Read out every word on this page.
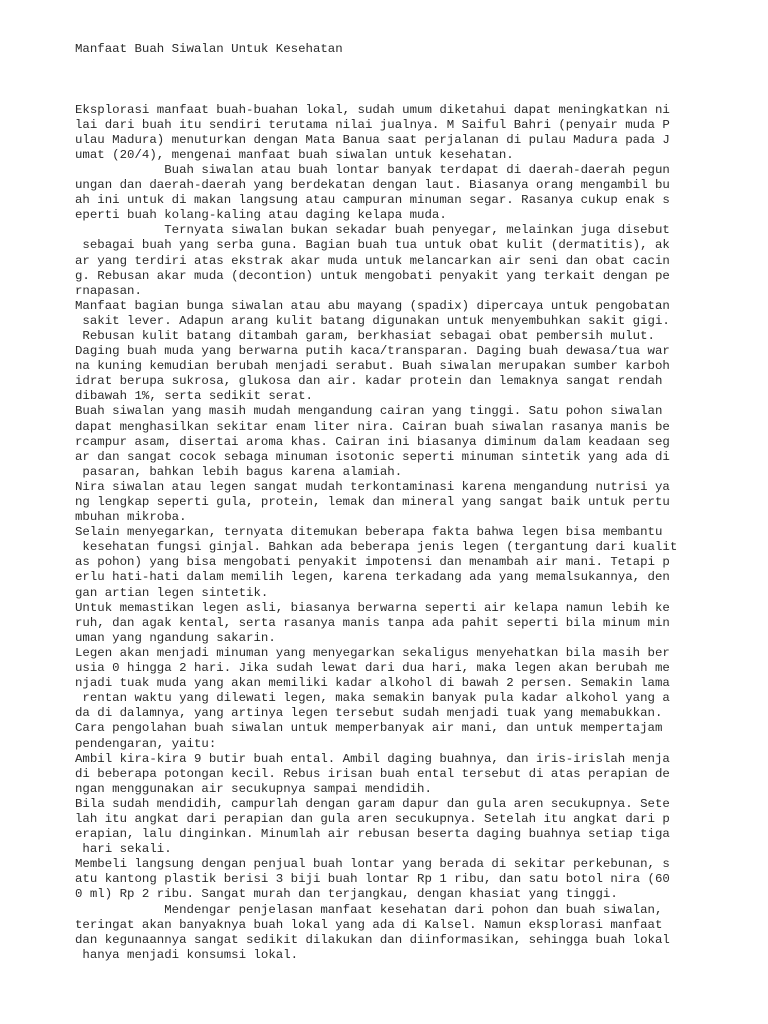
Manfaat Buah Siwalan Untuk Kesehatan

Eksplorasi manfaat buah-buahan lokal, sudah umum diketahui dapat meningkatkan ni
lai dari buah itu sendiri terutama nilai jualnya. M Saiful Bahri (penyair muda P
ulau Madura) menuturkan dengan Mata Banua saat perjalanan di pulau Madura pada J
umat (20/4), mengenai manfaat buah siwalan untuk kesehatan.
Buah siwalan atau buah lontar banyak terdapat di daerah-daerah pegun
ungan dan daerah-daerah yang berdekatan dengan laut. Biasanya orang mengambil bu
ah ini untuk di makan langsung atau campuran minuman segar. Rasanya cukup enak s
eperti buah kolang-kaling atau daging kelapa muda.
Ternyata siwalan bukan sekadar buah penyegar, melainkan juga disebut
sebagai buah yang serba guna. Bagian buah tua untuk obat kulit (dermatitis), ak
ar yang terdiri atas ekstrak akar muda untuk melancarkan air seni dan obat cacin
g. Rebusan akar muda (decontion) untuk mengobati penyakit yang terkait dengan pe
rnapasan.
Manfaat bagian bunga siwalan atau abu mayang (spadix) dipercaya untuk pengobatan
sakit lever. Adapun arang kulit batang digunakan untuk menyembuhkan sakit gigi.
Rebusan kulit batang ditambah garam, berkhasiat sebagai obat pembersih mulut.
Daging buah muda yang berwarna putih kaca/transparan. Daging buah dewasa/tua war
na kuning kemudian berubah menjadi serabut. Buah siwalan merupakan sumber karboh
idrat berupa sukrosa, glukosa dan air. kadar protein dan lemaknya sangat rendah
dibawah 1%, serta sedikit serat.
Buah siwalan yang masih mudah mengandung cairan yang tinggi. Satu pohon siwalan
dapat menghasilkan sekitar enam liter nira. Cairan buah siwalan rasanya manis be
rcampur asam, disertai aroma khas. Cairan ini biasanya diminum dalam keadaan seg
ar dan sangat cocok sebaga minuman isotonic seperti minuman sintetik yang ada di
pasaran, bahkan lebih bagus karena alamiah.
Nira siwalan atau legen sangat mudah terkontaminasi karena mengandung nutrisi ya
ng lengkap seperti gula, protein, lemak dan mineral yang sangat baik untuk pertu
mbuhan mikroba.
Selain menyegarkan, ternyata ditemukan beberapa fakta bahwa legen bisa membantu
kesehatan fungsi ginjal. Bahkan ada beberapa jenis legen (tergantung dari kualit
as pohon) yang bisa mengobati penyakit impotensi dan menambah air mani. Tetapi p
erlu hati-hati dalam memilih legen, karena terkadang ada yang memalsukannya, den
gan artian legen sintetik.
Untuk memastikan legen asli, biasanya berwarna seperti air kelapa namun lebih ke
ruh, dan agak kental, serta rasanya manis tanpa ada pahit seperti bila minum min
uman yang ngandung sakarin.
Legen akan menjadi minuman yang menyegarkan sekaligus menyehatkan bila masih ber
usia 0 hingga 2 hari. Jika sudah lewat dari dua hari, maka legen akan berubah me
njadi tuak muda yang akan memiliki kadar alkohol di bawah 2 persen. Semakin lama
rentan waktu yang dilewati legen, maka semakin banyak pula kadar alkohol yang a
da di dalamnya, yang artinya legen tersebut sudah menjadi tuak yang memabukkan.
Cara pengolahan buah siwalan untuk memperbanyak air mani, dan untuk mempertajam
pendengaran, yaitu:
Ambil kira-kira 9 butir buah ental. Ambil daging buahnya, dan iris-irislah menja
di beberapa potongan kecil. Rebus irisan buah ental tersebut di atas perapian de
ngan menggunakan air secukupnya sampai mendidih.
Bila sudah mendidih, campurlah dengan garam dapur dan gula aren secukupnya. Sete
lah itu angkat dari perapian dan gula aren secukupnya. Setelah itu angkat dari p
erapian, lalu dinginkan. Minumlah air rebusan beserta daging buahnya setiap tiga
hari sekali.
Membeli langsung dengan penjual buah lontar yang berada di sekitar perkebunan, s
atu kantong plastik berisi 3 biji buah lontar Rp 1 ribu, dan satu botol nira (60
0 ml) Rp 2 ribu. Sangat murah dan terjangkau, dengan khasiat yang tinggi.
Mendengar penjelasan manfaat kesehatan dari pohon dan buah siwalan,
teringat akan banyaknya buah lokal yang ada di Kalsel. Namun eksplorasi manfaat
dan kegunaannya sangat sedikit dilakukan dan diinformasikan, sehingga buah lokal
hanya menjadi konsumsi lokal.
